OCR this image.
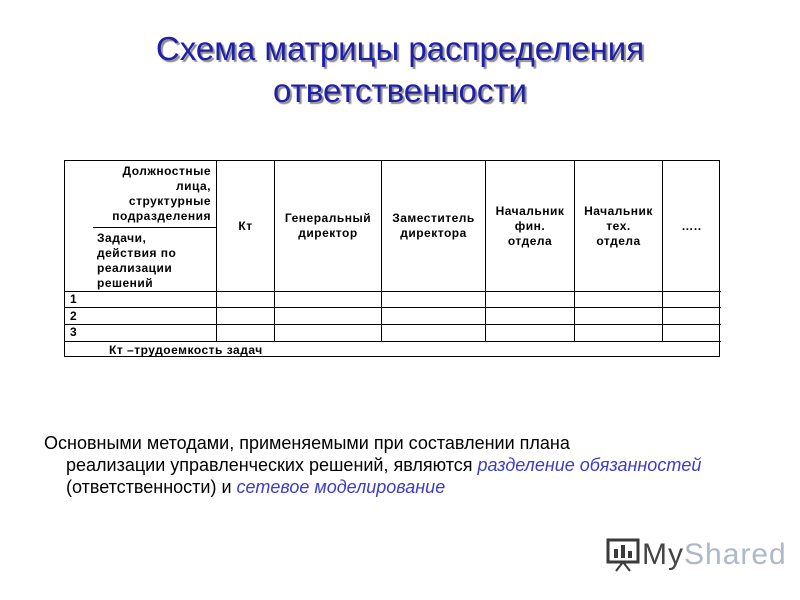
Схема матрицы распределения
ответственности
Должностные
лица,
структурные
подразделения
Задачи,
действия по
реализации
решений
Кт
Генеральный
директор
Заместитель
директора
Начальник
фин.
отдела
Начальник
тех.
отдела
…..
1
2
3
Кт –трудоемкость задач
Основными методами, применяемыми при составлении плана
реализации управленческих решений, являются разделение обязанностей (ответственности) и сетевое моделирование
MyShared
